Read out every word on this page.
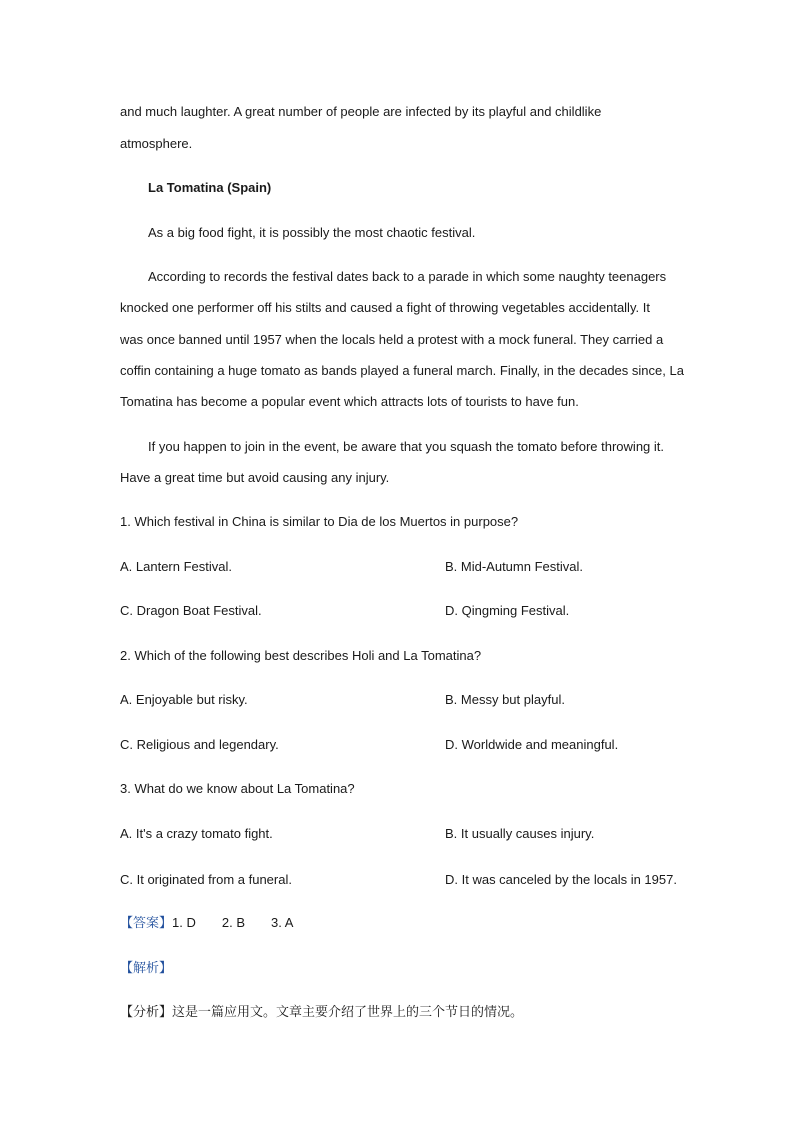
and much laughter. A great number of people are infected by its playful and childlike
atmosphere.
La Tomatina (Spain)
As a big food fight, it is possibly the most chaotic festival.
According to records the festival dates back to a parade in which some naughty teenagers
knocked one performer off his stilts and caused a fight of throwing vegetables accidentally. It
was once banned until 1957 when the locals held a protest with a mock funeral. They carried a
coffin containing a huge tomato as bands played a funeral march. Finally, in the decades since, La
Tomatina has become a popular event which attracts lots of tourists to have fun.
If you happen to join in the event, be aware that you squash the tomato before throwing it.
Have a great time but avoid causing any injury.
1. Which festival in China is similar to Dia de los Muertos in purpose?
A. Lantern Festival.	B. Mid-Autumn Festival.
C. Dragon Boat Festival.	D. Qingming Festival.
2. Which of the following best describes Holi and La Tomatina?
A. Enjoyable but risky.	B. Messy but playful.
C. Religious and legendary.	D. Worldwide and meaningful.
3. What do we know about La Tomatina?
A. It's a crazy tomato fight.	B. It usually causes injury.
C. It originated from a funeral.	D. It was canceled by the locals in 1957.
【答案】1. D 2. B 3. A
【解析】
【分析】这是一篇应用文。文章主要介绍了世界上的三个节日的情况。
